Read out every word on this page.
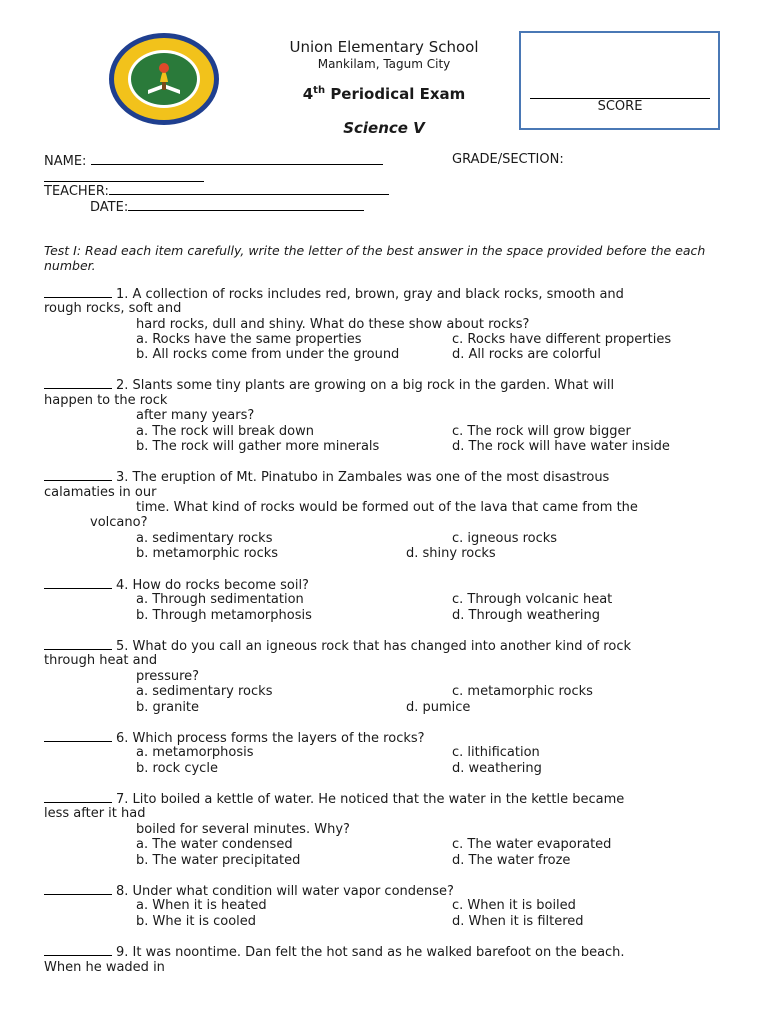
Union Elementary School
Mankilam, Tagum City
4th Periodical Exam
Science V
SCORE
NAME:	GRADE/SECTION:
TEACHER:
DATE:
Test I: Read each item carefully, write the letter of the best answer in the space provided before the each number.
1. A collection of rocks includes red, brown, gray and black rocks, smooth and
rough rocks, soft and
hard rocks, dull and shiny. What do these show about rocks?
a. Rocks have the same properties	c. Rocks have different properties
b. All rocks come from under the ground	d. All rocks are colorful
2. Slants some tiny plants are growing on a big rock in the garden. What will
happen to the rock
after many years?
a. The rock will break down	c. The rock will grow bigger
b. The rock will gather more minerals	d. The rock will have water inside
3. The eruption of Mt. Pinatubo in Zambales was one of the most disastrous
calamaties in our
time. What kind of rocks would be formed out of the lava that came from the
volcano?
a. sedimentary rocks	c. igneous rocks
b. metamorphic rocks	d. shiny rocks
4. How do rocks become soil?
a. Through sedimentation	c. Through volcanic heat
b. Through metamorphosis	d. Through weathering
5. What do you call an igneous rock that has changed into another kind of rock
through heat and
pressure?
a. sedimentary rocks	c. metamorphic rocks
b. granite	d. pumice
6. Which process forms the layers of the rocks?
a. metamorphosis	c. lithification
b. rock cycle	d. weathering
7. Lito boiled a kettle of water. He noticed that the water in the kettle became
less after it had
boiled for several minutes. Why?
a. The water condensed	c. The water evaporated
b. The water precipitated	d. The water froze
8. Under what condition will water vapor condense?
a. When it is heated	c. When it is boiled
b. Whe it is cooled	d. When it is filtered
9. It was noontime. Dan felt the hot sand as he walked barefoot on the beach.
When he waded in
